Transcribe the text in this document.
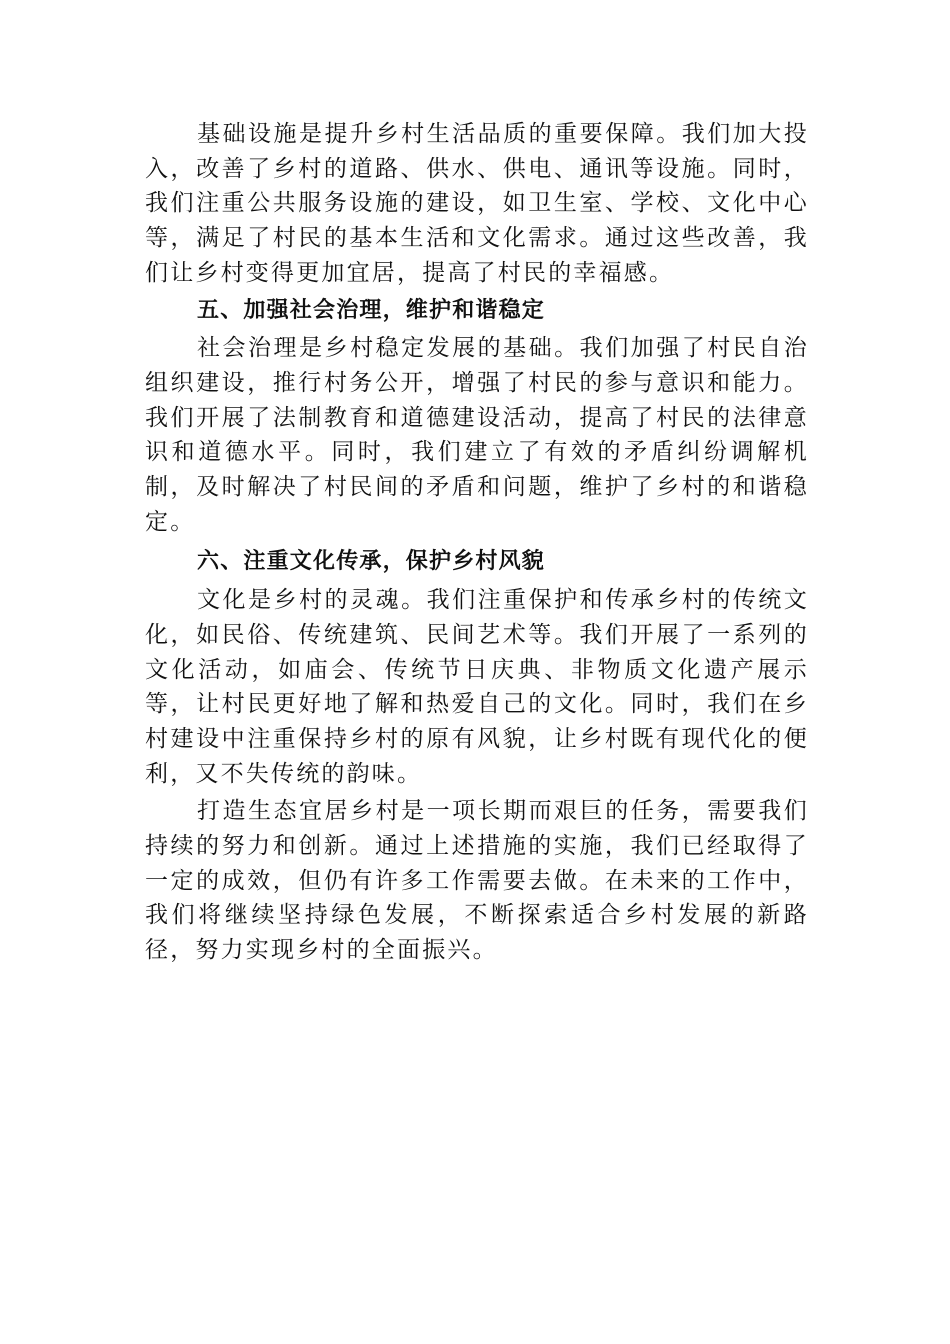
基础设施是提升乡村生活品质的重要保障。我们加大投入，改善了乡村的道路、供水、供电、通讯等设施。同时，我们注重公共服务设施的建设，如卫生室、学校、文化中心等，满足了村民的基本生活和文化需求。通过这些改善，我们让乡村变得更加宜居，提高了村民的幸福感。

五、加强社会治理，维护和谐稳定

社会治理是乡村稳定发展的基础。我们加强了村民自治组织建设，推行村务公开，增强了村民的参与意识和能力。我们开展了法制教育和道德建设活动，提高了村民的法律意识和道德水平。同时，我们建立了有效的矛盾纠纷调解机制，及时解决了村民间的矛盾和问题，维护了乡村的和谐稳定。

六、注重文化传承，保护乡村风貌

文化是乡村的灵魂。我们注重保护和传承乡村的传统文化，如民俗、传统建筑、民间艺术等。我们开展了一系列的文化活动，如庙会、传统节日庆典、非物质文化遗产展示等，让村民更好地了解和热爱自己的文化。同时，我们在乡村建设中注重保持乡村的原有风貌，让乡村既有现代化的便利，又不失传统的韵味。

打造生态宜居乡村是一项长期而艰巨的任务，需要我们持续的努力和创新。通过上述措施的实施，我们已经取得了一定的成效，但仍有许多工作需要去做。在未来的工作中，我们将继续坚持绿色发展，不断探索适合乡村发展的新路径，努力实现乡村的全面振兴。
